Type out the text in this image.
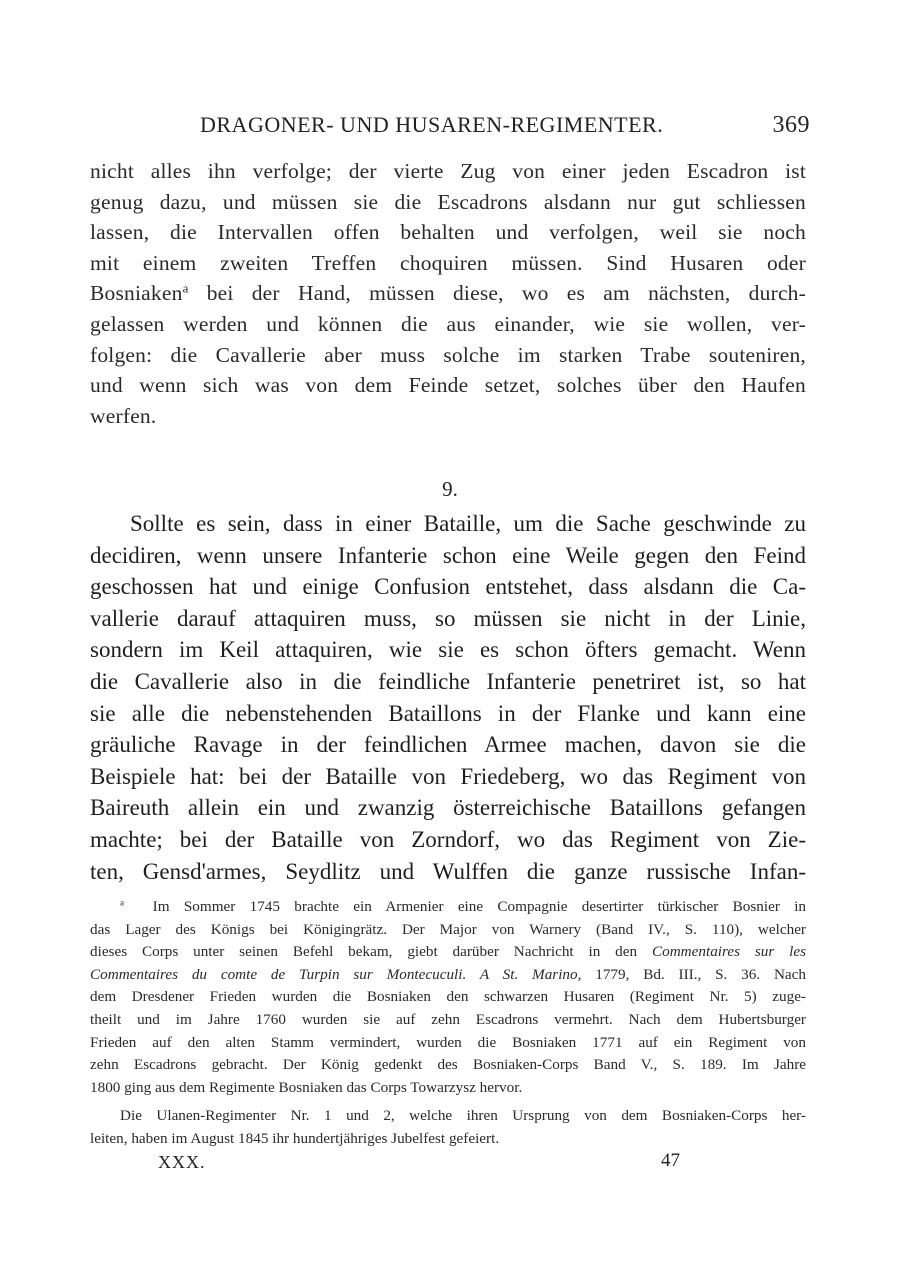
DRAGONER- UND HUSAREN-REGIMENTER.	369
nicht alles ihn verfolge; der vierte Zug von einer jeden Escadron ist
genug dazu, und müssen sie die Escadrons alsdann nur gut schliessen
lassen, die Intervallen offen behalten und verfolgen, weil sie noch
mit einem zweiten Treffen choquiren müssen. Sind Husaren oder
Bosniaken$^a$ bei der Hand, müssen diese, wo es am nächsten, durch-
gelassen werden und können die aus einander, wie sie wollen, ver-
folgen: die Cavallerie aber muss solche im starken Trabe souteniren,
und wenn sich was von dem Feinde setzet, solches über den Haufen
werfen.
9.
Sollte es sein, dass in einer Bataille, um die Sache geschwinde zu
decidiren, wenn unsere Infanterie schon eine Weile gegen den Feind
geschossen hat und einige Confusion entstehet, dass alsdann die Ca-
vallerie darauf attaquiren muss, so müssen sie nicht in der Linie,
sondern im Keil attaquiren, wie sie es schon öfters gemacht. Wenn
die Cavallerie also in die feindliche Infanterie penetriret ist, so hat
sie alle die nebenstehenden Bataillons in der Flanke und kann eine
gräuliche Ravage in der feindlichen Armee machen, davon sie die
Beispiele hat: bei der Bataille von Friedeberg, wo das Regiment von
Baireuth allein ein und zwanzig österreichische Bataillons gefangen
machte; bei der Bataille von Zorndorf, wo das Regiment von Zie-
ten, Gensd'armes, Seydlitz und Wulffen die ganze russische Infan-
$^a$ Im Sommer 1745 brachte ein Armenier eine Compagnie desertirter türkischer Bosnier in
das Lager des Königs bei Königingrätz. Der Major von Warnery (Band IV., S. 110), welcher
dieses Corps unter seinen Befehl bekam, giebt darüber Nachricht in den Commentaires sur les
Commentaires du comte de Turpin sur Montecuculi. A St. Marino, 1779, Bd. III., S. 36. Nach
dem Dresdener Frieden wurden die Bosniaken den schwarzen Husaren (Regiment Nr. 5) zuge-
theilt und im Jahre 1760 wurden sie auf zehn Escadrons vermehrt. Nach dem Hubertsburger
Frieden auf den alten Stamm vermindert, wurden die Bosniaken 1771 auf ein Regiment von
zehn Escadrons gebracht. Der König gedenkt des Bosniaken-Corps Band V., S. 189. Im Jahre
1800 ging aus dem Regimente Bosniaken das Corps Towarzysz hervor.
Die Ulanen-Regimenter Nr. 1 und 2, welche ihren Ursprung von dem Bosniaken-Corps her-
leiten, haben im August 1845 ihr hundertjähriges Jubelfest gefeiert.
XXX.	47
